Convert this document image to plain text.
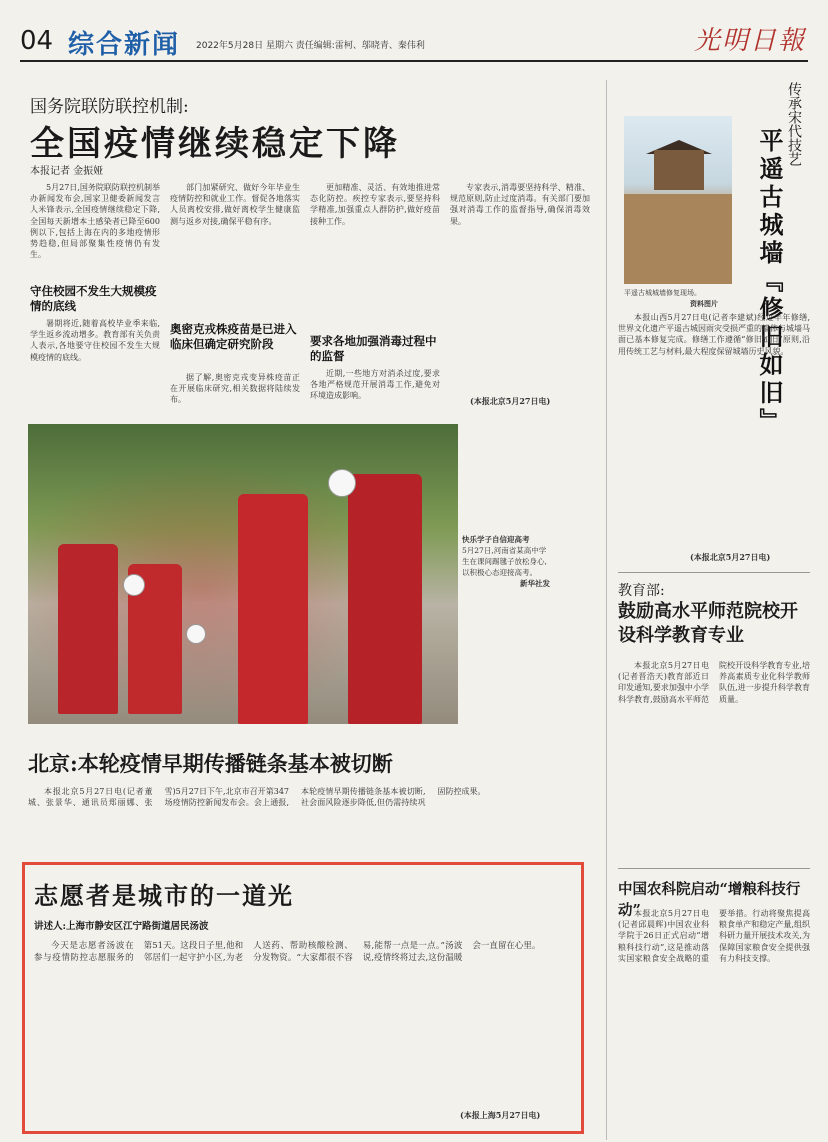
04 综合新闻 2022年5月28日 星期六 责任编辑:雷柯、邬晓青、秦伟利	光明日報
国务院联防联控机制:
全国疫情继续稳定下降
本报记者 金振娅
5月27日,国务院联防联控机制举办新闻发布会,国家卫健委新闻发言人米锋表示,全国疫情继续稳定下降,全国每天新增本土感染者已降至600例以下,包括上海在内的多地疫情形势趋稳,但局部聚集性疫情仍有发生。
守住校园不发生大规模疫情的底线
暑期将近,随着高校毕业季来临,学生返乡流动增多。教育部有关负责人表示,各地要守住校园不发生大规模疫情的底线。
部门加紧研究、做好今年毕业生疫情防控和就业工作。督促各地落实人员离校安排,做好离校学生健康监测与返乡对接,确保平稳有序。
奥密克戎株疫苗是已进入临床但确定研究阶段
据了解,奥密克戎变异株疫苗正在开展临床研究,相关数据将陆续发布。
更加精准、灵活、有效地推进常态化防控。疾控专家表示,要坚持科学精准,加强重点人群防护,做好疫苗接种工作。
要求各地加强消毒过程中的监督
近期,一些地方对消杀过度,要求各地严格规范开展消毒工作,避免对环境造成影响。
专家表示,消毒要坚持科学、精准、规范原则,防止过度消毒。有关部门要加强对消毒工作的监督指导,确保消毒效果。
(本报北京5月27日电)
快乐学子自信迎高考
5月27日,河南省某高中学生在课间踢毽子放松身心,以积极心态迎接高考。
新华社发
北京:本轮疫情早期传播链条基本被切断
本报北京5月27日电(记者董城、张景华、通讯员郑丽娜、张雪)5月27日下午,北京市召开第347场疫情防控新闻发布会。会上通报,本轮疫情早期传播链条基本被切断,社会面风险逐步降低,但仍需持续巩固防控成果。
平遥古城城墙修复现场。
资料图片
传承宋代技艺
平遥古城墙『修旧如旧』
本报山西5月27日电(记者李建斌)经过半年修缮,世界文化遗产平遥古城因雨灾受损严重的墙体与城墙马面已基本修复完成。修缮工作遵循“修旧如旧”原则,沿用传统工艺与材料,最大程度保留城墙历史风貌。
(本报北京5月27日电)
教育部:
鼓励高水平师范院校开设科学教育专业
本报北京5月27日电(记者晋浩天)教育部近日印发通知,要求加强中小学科学教育,鼓励高水平师范院校开设科学教育专业,培养高素质专业化科学教师队伍,进一步提升科学教育质量。
中国农科院启动“增粮科技行动”
本报北京5月27日电(记者邱晨辉)中国农业科学院于26日正式启动“增粮科技行动”,这是推动落实国家粮食安全战略的重要举措。行动将聚焦提高粮食单产和稳定产量,组织科研力量开展技术攻关,为保障国家粮食安全提供强有力科技支撑。
志愿者是城市的一道光
讲述人:上海市静安区江宁路街道居民汤波
今天是志愿者汤波在参与疫情防控志愿服务的第51天。这段日子里,他和邻居们一起守护小区,为老人送药、帮助核酸检测、分发物资。“大家都很不容易,能帮一点是一点。”汤波说,疫情终将过去,这份温暖会一直留在心里。
(本报上海5月27日电)
